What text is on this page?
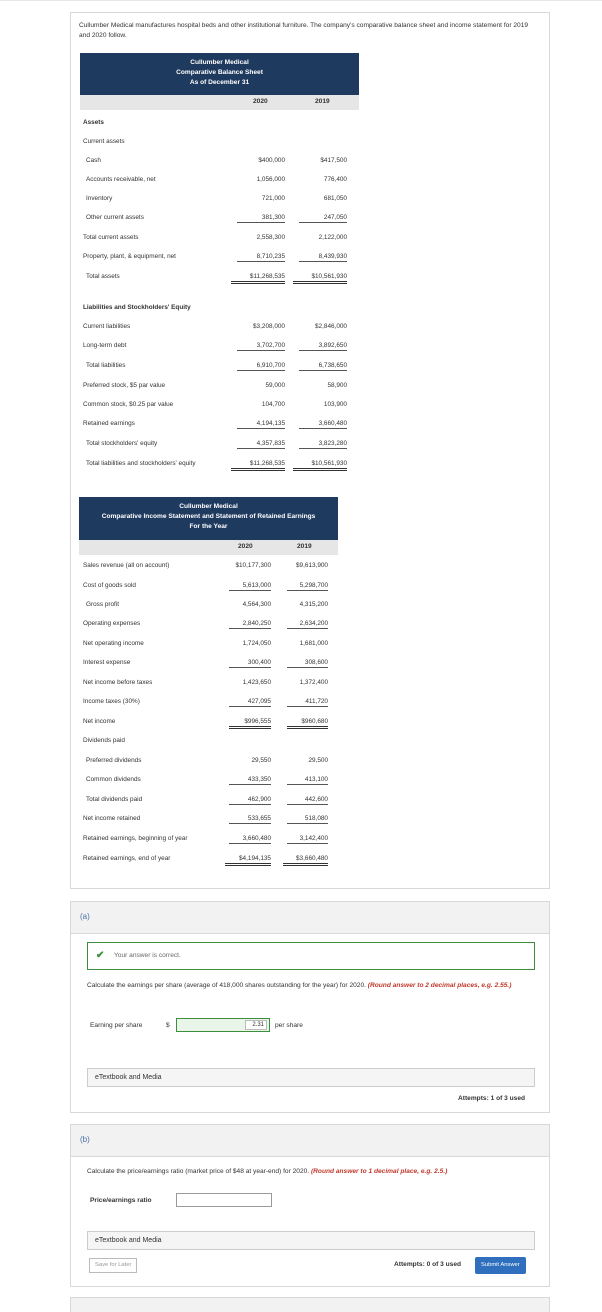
Cullumber Medical manufactures hospital beds and other institutional furniture. The company's comparative balance sheet and income statement for 2019 and 2020 follow.
Cullumber Medical
Comparative Balance Sheet
As of December 31
2020	2019
Assets
Current assets
Cash	$400,000	$417,500
Accounts receivable, net	1,056,000	776,400
Inventory	721,000	681,050
Other current assets	381,300	247,050
Total current assets	2,558,300	2,122,000
Property, plant, & equipment, net	8,710,235	8,439,930
Total assets	$11,268,535	$10,561,930
Liabilities and Stockholders' Equity
Current liabilities	$3,208,000	$2,846,000
Long-term debt	3,702,700	3,892,650
Total liabilities	6,910,700	6,738,650
Preferred stock, $5 par value	59,000	58,900
Common stock, $0.25 par value	104,700	103,900
Retained earnings	4,194,135	3,660,480
Total stockholders' equity	4,357,835	3,823,280
Total liabilities and stockholders' equity	$11,268,535	$10,561,930
Cullumber Medical
Comparative Income Statement and Statement of Retained Earnings
For the Year
2020	2019
Sales revenue (all on account)	$10,177,300	$9,613,900
Cost of goods sold	5,613,000	5,298,700
Gross profit	4,564,300	4,315,200
Operating expenses	2,840,250	2,634,200
Net operating income	1,724,050	1,681,000
Interest expense	300,400	308,600
Net income before taxes	1,423,650	1,372,400
Income taxes (30%)	427,095	411,720
Net income	$996,555	$960,680
Dividends paid
Preferred dividends	29,550	29,500
Common dividends	433,350	413,100
Total dividends paid	462,900	442,600
Net income retained	533,655	518,080
Retained earnings, beginning of year	3,660,480	3,142,400
Retained earnings, end of year	$4,194,135	$3,660,480
(a)
✔ Your answer is correct.
Calculate the earnings per share (average of 418,000 shares outstanding for the year) for 2020. (Round answer to 2 decimal places, e.g. 2.55.)
Earning per share	$	2.31	per share
eTextbook and Media
Attempts: 1 of 3 used
(b)
Calculate the price/earnings ratio (market price of $48 at year-end) for 2020. (Round answer to 1 decimal place, e.g. 2.5.)
Price/earnings ratio
eTextbook and Media
Save for Later	Attempts: 0 of 3 used	Submit Answer
